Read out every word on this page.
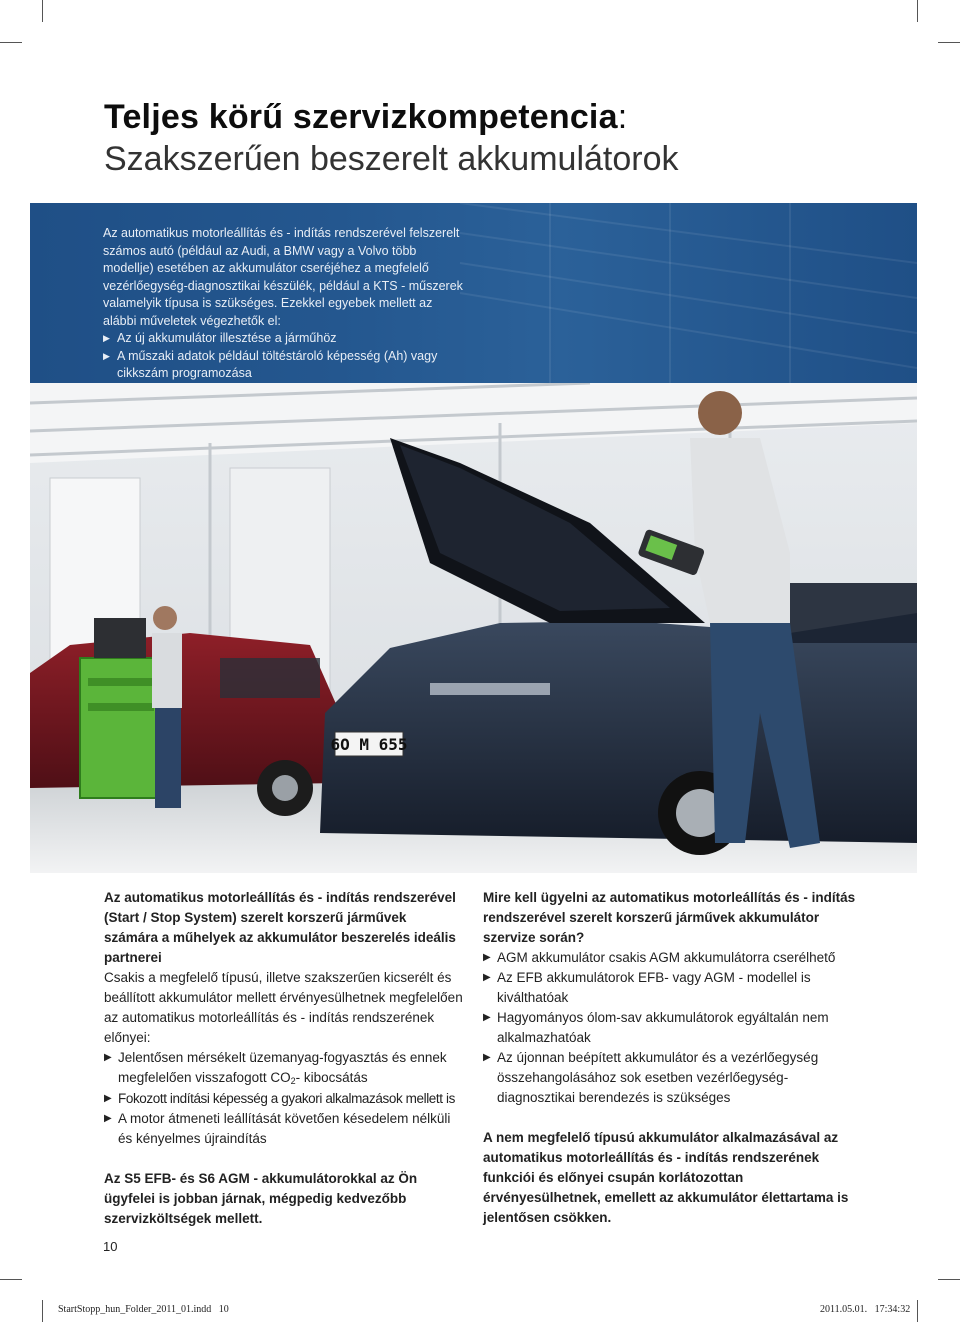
Teljes körű szervizkompetencia:
Szakszerűen beszerelt akkumulátorok
Az automatikus motorleállítás és - indítás rendszerével felszerelt számos autó (például az Audi, a BMW vagy a Volvo több modellje) esetében az akkumulátor cseréjéhez a megfelelő vezérlőegység-diagnosztikai készülék, például a KTS - műszerek valamelyik típusa is szükséges. Ezekkel egyebek mellett az alábbi műveletek végezhetők el:
▶ Az új akkumulátor illesztése a járműhöz
▶ A műszaki adatok például töltéstároló képesség (Ah) vagy cikkszám programozása
6O M 655

Az automatikus motorleállítás és - indítás rendszerével (Start / Stop System) szerelt korszerű járművek számára a műhelyek az akkumulátor beszerelés ideális partnerei

Csakis a megfelelő típusú, illetve szakszerűen kicserélt és beállított akkumulátor mellett érvényesülhetnek megfelelően az automatikus motorleállítás és - indítás rendszerének előnyei:

▶ Jelentősen mérsékelt üzemanyag-fogyasztás és ennek megfelelően visszafogott CO2- kibocsátás
▶ Fokozott indítási képesség a gyakori alkalmazások mellett is
▶ A motor átmeneti leállítását követően késedelem nélküli és kényelmes újraindítás

Az S5 EFB- és S6 AGM - akkumulátorokkal az Ön ügyfelei is jobban járnak, mégpedig kedvezőbb szervizköltségek mellett.

Mire kell ügyelni az automatikus motorleállítás és - indítás rendszerével szerelt korszerű járművek akkumulátor szervize során?

▶ AGM akkumulátor csakis AGM akkumulátorra cserélhető
▶ Az EFB akkumulátorok EFB- vagy AGM - modellel is kiválthatóak
▶ Hagyományos ólom-sav akkumulátorok egyáltalán nem alkalmazhatóak
▶ Az újonnan beépített akkumulátor és a vezérlőegység összehangolásához sok esetben vezérlőegység-diagnosztikai berendezés is szükséges

A nem megfelelő típusú akkumulátor alkalmazásával az automatikus motorleállítás és - indítás rendszerének funkciói és előnyei csupán korlátozottan érvényesülhetnek, emellett az akkumulátor élettartama is jelentősen csökken.

10
StartStopp_hun_Folder_2011_01.indd   10	2011.05.01. 17:34:32
